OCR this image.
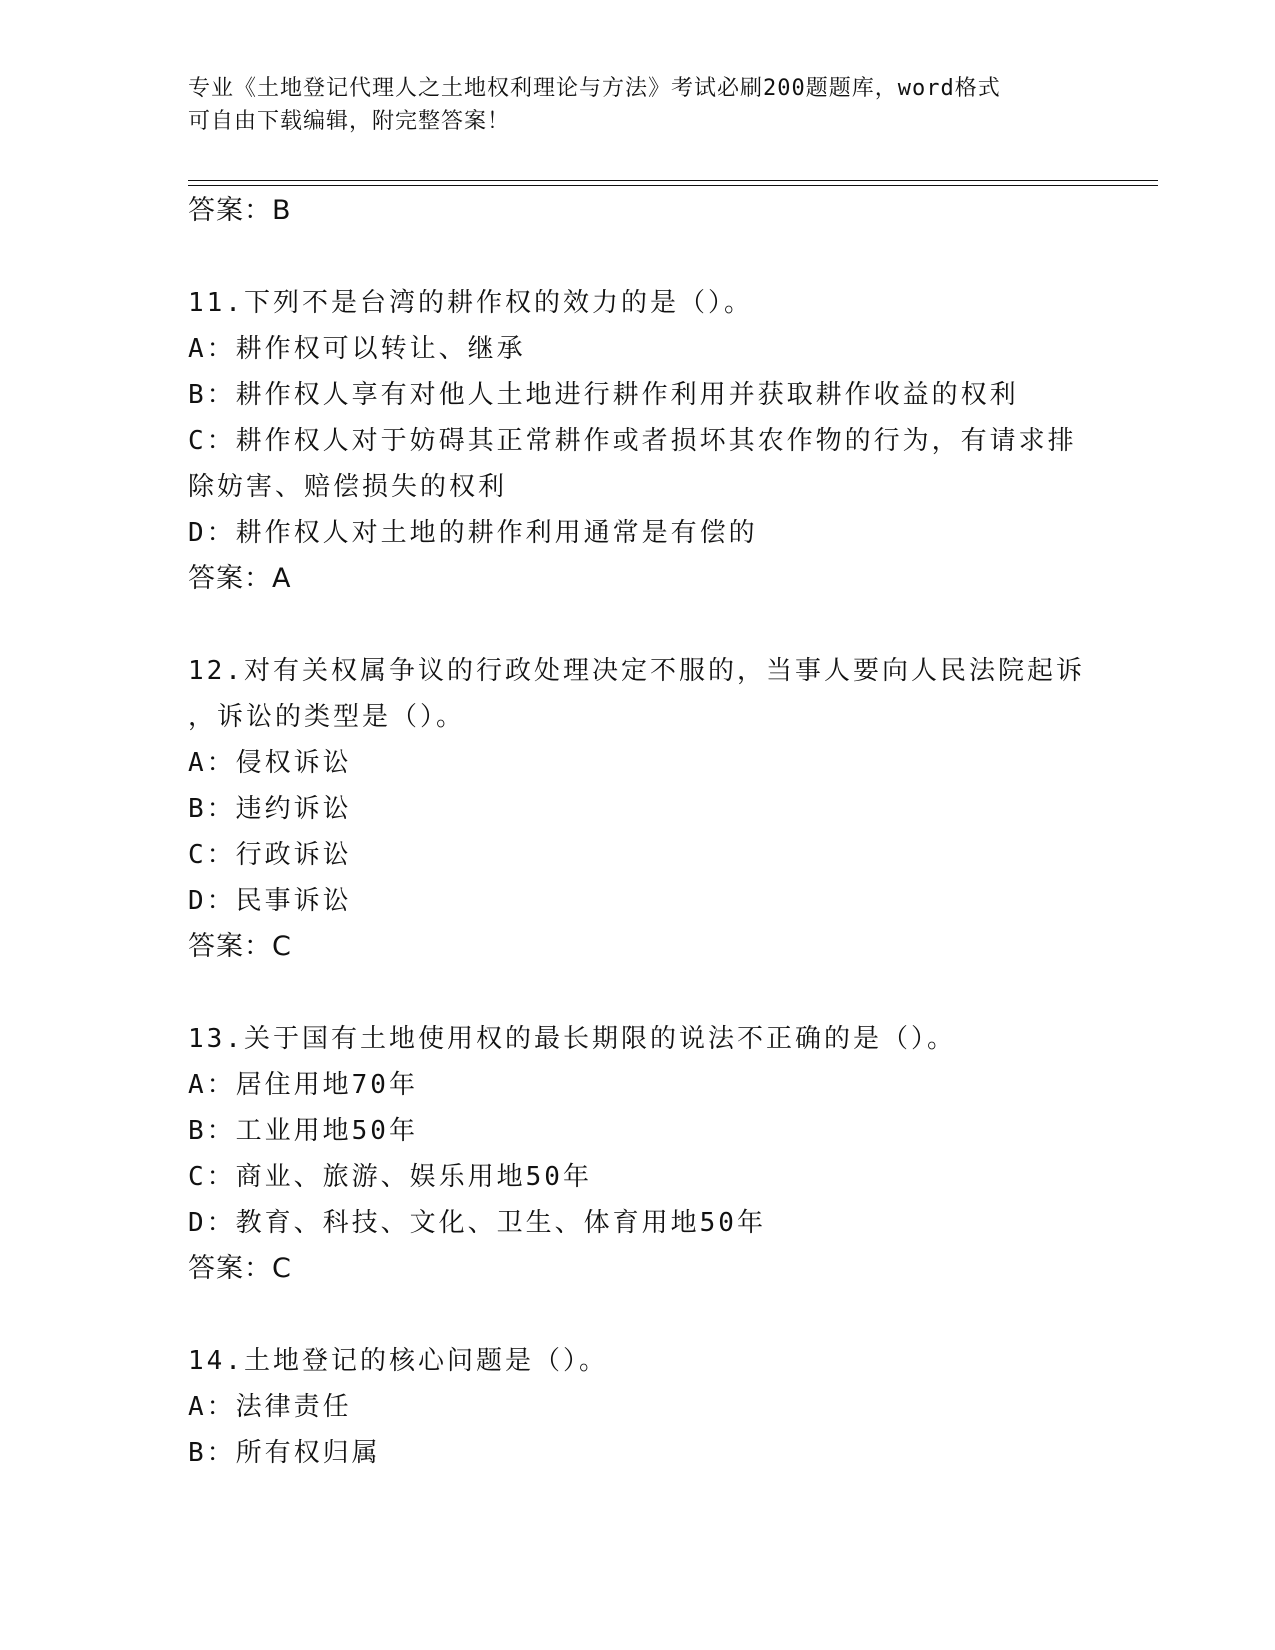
专业《土地登记代理人之土地权利理论与方法》考试必刷200题题库，word格式
可自由下载编辑，附完整答案！
答案：B
11.下列不是台湾的耕作权的效力的是（）。
A：耕作权可以转让、继承
B：耕作权人享有对他人土地进行耕作利用并获取耕作收益的权利
C：耕作权人对于妨碍其正常耕作或者损坏其农作物的行为，有请求排
除妨害、赔偿损失的权利
D：耕作权人对土地的耕作利用通常是有偿的
答案：A
12.对有关权属争议的行政处理决定不服的，当事人要向人民法院起诉
，诉讼的类型是（）。
A：侵权诉讼
B：违约诉讼
C：行政诉讼
D：民事诉讼
答案：C
13.关于国有土地使用权的最长期限的说法不正确的是（）。
A：居住用地70年
B：工业用地50年
C：商业、旅游、娱乐用地50年
D：教育、科技、文化、卫生、体育用地50年
答案：C
14.土地登记的核心问题是（）。
A：法律责任
B：所有权归属
